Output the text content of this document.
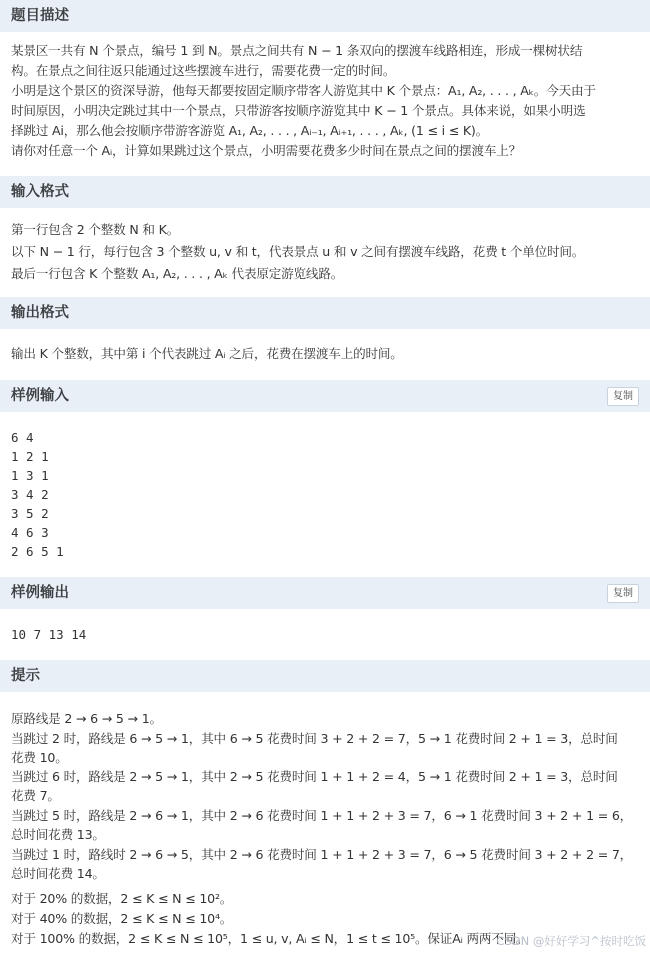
题目描述
某景区一共有 N 个景点，编号 1 到 N。景点之间共有 N − 1 条双向的摆渡车线路相连，形成一棵树状结
构。在景点之间往返只能通过这些摆渡车进行，需要花费一定的时间。
小明是这个景区的资深导游，他每天都要按固定顺序带客人游览其中 K 个景点：A₁, A₂, . . . , Aₖ。今天由于
时间原因，小明决定跳过其中一个景点，只带游客按顺序游览其中 K − 1 个景点。具体来说，如果小明选
择跳过 Ai，那么他会按顺序带游客游览 A₁, A₂, . . . , Aᵢ₋₁, Aᵢ₊₁, . . . , Aₖ, (1 ≤ i ≤ K)。
请你对任意一个 Aᵢ，计算如果跳过这个景点，小明需要花费多少时间在景点之间的摆渡车上？
输入格式
第一行包含 2 个整数 N 和 K。
以下 N − 1 行，每行包含 3 个整数 u, v 和 t，代表景点 u 和 v 之间有摆渡车线路，花费 t 个单位时间。
最后一行包含 K 个整数 A₁, A₂, . . . , Aₖ 代表原定游览线路。
输出格式
输出 K 个整数，其中第 i 个代表跳过 Aᵢ 之后，花费在摆渡车上的时间。
样例输入	复制
6 4
1 2 1
1 3 1
3 4 2
3 5 2
4 6 3
2 6 5 1
样例输出	复制
10 7 13 14
提示
原路线是 2 → 6 → 5 → 1。
当跳过 2 时，路线是 6 → 5 → 1，其中 6 → 5 花费时间 3 + 2 + 2 = 7，5 → 1 花费时间 2 + 1 = 3，总时间
花费 10。
当跳过 6 时，路线是 2 → 5 → 1，其中 2 → 5 花费时间 1 + 1 + 2 = 4，5 → 1 花费时间 2 + 1 = 3，总时间
花费 7。
当跳过 5 时，路线是 2 → 6 → 1，其中 2 → 6 花费时间 1 + 1 + 2 + 3 = 7，6 → 1 花费时间 3 + 2 + 1 = 6，
总时间花费 13。
当跳过 1 时，路线时 2 → 6 → 5，其中 2 → 6 花费时间 1 + 1 + 2 + 3 = 7，6 → 5 花费时间 3 + 2 + 2 = 7，
总时间花费 14。
对于 20% 的数据，2 ≤ K ≤ N ≤ 10²。
对于 40% 的数据，2 ≤ K ≤ N ≤ 10⁴。
对于 100% 的数据，2 ≤ K ≤ N ≤ 10⁵，1 ≤ u, v, Aᵢ ≤ N，1 ≤ t ≤ 10⁵。保证Aᵢ 两两不同。
CSDN @好好学习^按时吃饭
